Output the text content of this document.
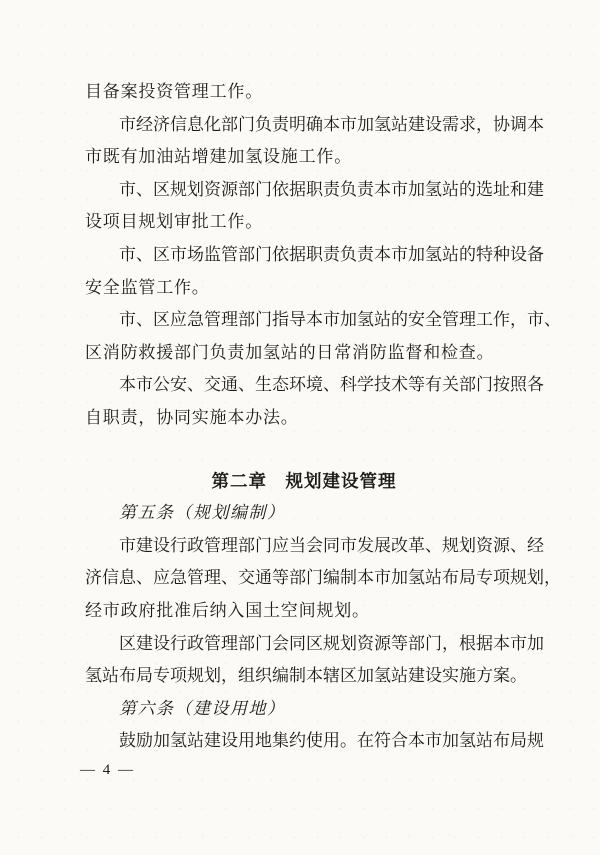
目备案投资管理工作。
市 经 济 信 息 化 部 门 负 责 明 确 本 市 加 氢 站 建 设 需 求 ， 协 调 本
市既有加油站增建加氢设施工作。
市 、 区 规 划 资 源 部 门 依 据 职 责 负 责 本 市 加 氢 站 的 选 址 和 建
设项目规划审批工作。
市 、 区 市 场 监 管 部 门 依 据 职 责 负 责 本 市 加 氢 站 的 特 种 设 备
安全监管工作。
市 、 区 应 急 管 理 部 门 指 导 本 市 加 氢 站 的 安 全 管 理 工 作 ， 市 、
区消防救援部门负责加氢站的日常消防监督和检查。
本 市 公 安 、 交 通 、 生 态 环 境 、 科 学 技 术 等 有 关 部 门 按 照 各
自职责，协同实施本办法。
第二章　规划建设管理
第五条（规划编制）
市 建 设 行 政 管 理 部 门 应 当 会 同 市 发 展 改 革 、 规 划 资 源 、 经
济 信 息 、 应 急 管 理 、 交 通 等 部 门 编 制 本 市 加 氢 站 布 局 专 项 规 划 ，
经市政府批准后纳入国土空间规划。
区 建 设 行 政 管 理 部 门 会 同 区 规 划 资 源 等 部 门 ， 根 据 本 市 加
氢 站 布 局 专 项 规 划 ， 组 织 编 制 本 辖 区 加 氢 站 建 设 实 施 方 案 。
第六条（建设用地）
鼓 励 加 氢 站 建 设 用 地 集 约 使 用 。 在 符 合 本 市 加 氢 站 布 局 规
— 4 —
